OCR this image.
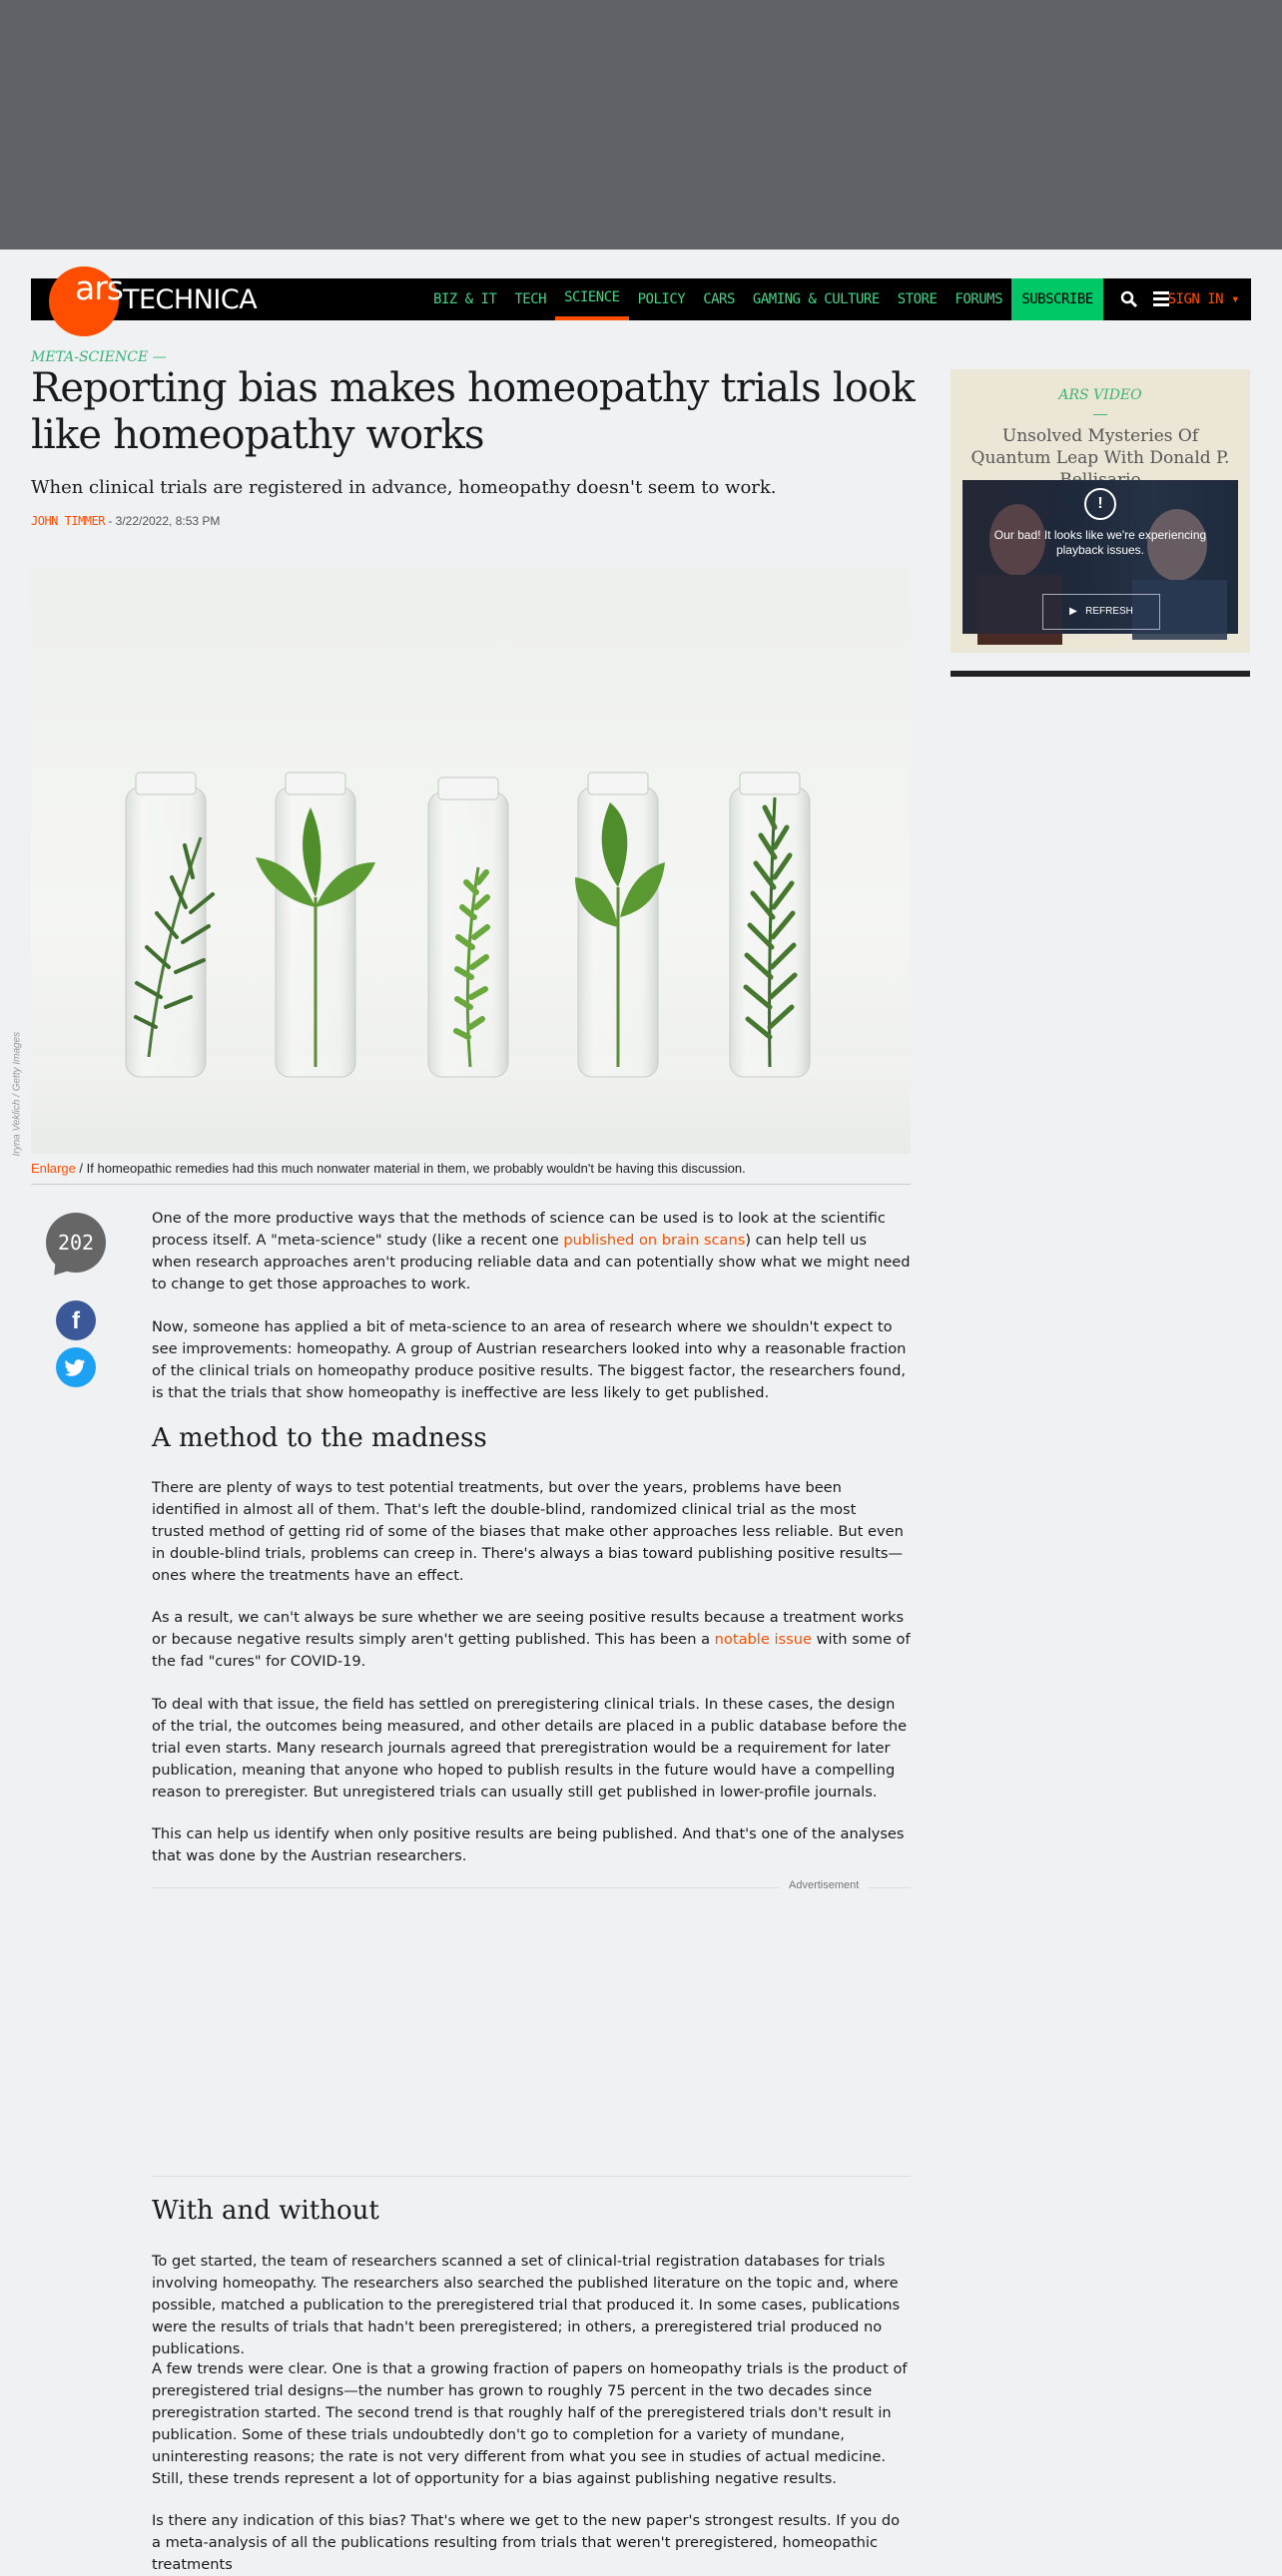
ars TECHNICA	BIZ & IT	TECH	SCIENCE	POLICY	CARS	GAMING & CULTURE	STORE	FORUMS	SUBSCRIBE	SIGN IN ▾
META-SCIENCE —
Reporting bias makes homeopathy trials look like homeopathy works
When clinical trials are registered in advance, homeopathy doesn't seem to work.
JOHN TIMMER - 3/22/2022, 8:53 PM
Iryna Veklich / Getty Images
Enlarge / If homeopathic remedies had this much nonwater material in them, we probably wouldn't be having this discussion.
202
f

One of the more productive ways that the methods of science can be used is to look at the scientific process itself. A "meta-science" study (like a recent one published on brain scans) can help tell us when research approaches aren't producing reliable data and can potentially show what we might need to change to get those approaches to work.

Now, someone has applied a bit of meta-science to an area of research where we shouldn't expect to see improvements: homeopathy. A group of Austrian researchers looked into why a reasonable fraction of the clinical trials on homeopathy produce positive results. The biggest factor, the researchers found, is that the trials that show homeopathy is ineffective are less likely to get published.

A method to the madness

There are plenty of ways to test potential treatments, but over the years, problems have been identified in almost all of them. That's left the double-blind, randomized clinical trial as the most trusted method of getting rid of some of the biases that make other approaches less reliable. But even in double-blind trials, problems can creep in. There's always a bias toward publishing positive results—ones where the treatments have an effect.

As a result, we can't always be sure whether we are seeing positive results because a treatment works or because negative results simply aren't getting published. This has been a notable issue with some of the fad "cures" for COVID-19.

To deal with that issue, the field has settled on preregistering clinical trials. In these cases, the design of the trial, the outcomes being measured, and other details are placed in a public database before the trial even starts. Many research journals agreed that preregistration would be a requirement for later publication, meaning that anyone who hoped to publish results in the future would have a compelling reason to preregister. But unregistered trials can usually still get published in lower-profile journals.

This can help us identify when only positive results are being published. And that's one of the analyses that was done by the Austrian researchers.

Advertisement
With and without

To get started, the team of researchers scanned a set of clinical-trial registration databases for trials involving homeopathy. The researchers also searched the published literature on the topic and, where possible, matched a publication to the preregistered trial that produced it. In some cases, publications were the results of trials that hadn't been preregistered; in others, a preregistered trial produced no publications.

A few trends were clear. One is that a growing fraction of papers on homeopathy trials is the product of preregistered trial designs—the number has grown to roughly 75 percent in the two decades since preregistration started. The second trend is that roughly half of the preregistered trials don't result in publication. Some of these trials undoubtedly don't go to completion for a variety of mundane, uninteresting reasons; the rate is not very different from what you see in studies of actual medicine. Still, these trends represent a lot of opportunity for a bias against publishing negative results.

Is there any indication of this bias? That's where we get to the new paper's strongest results. If you do a meta-analysis of all the publications resulting from trials that weren't preregistered, homeopathic treatments

ARS VIDEO
—
Unsolved Mysteries Of Quantum Leap With Donald P.
!
Our bad! It looks like we're experiencing playback issues.
▶ REFRESH
